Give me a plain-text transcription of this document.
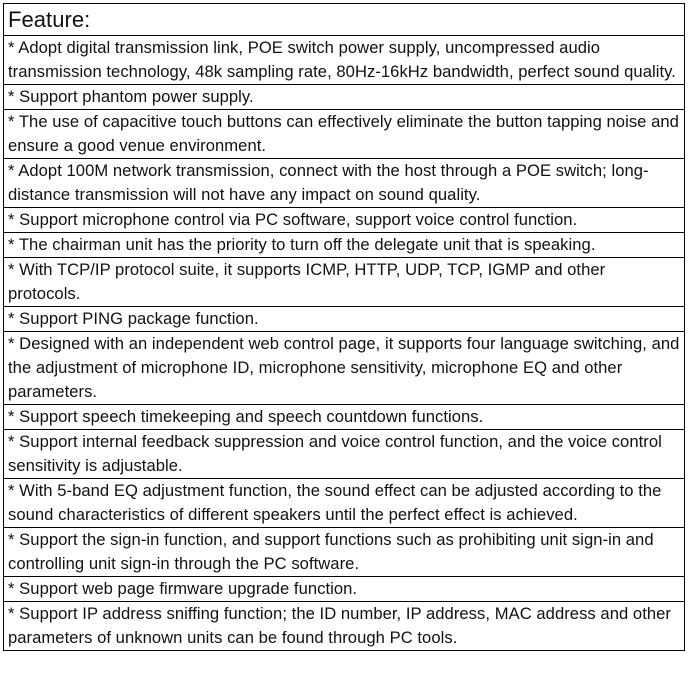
Feature:
* Adopt digital transmission link, POE switch power supply, uncompressed audio transmission technology, 48k sampling rate, 80Hz-16kHz bandwidth, perfect sound quality.
* Support phantom power supply.
* The use of capacitive touch buttons can effectively eliminate the button tapping noise and ensure a good venue environment.
* Adopt 100M network transmission, connect with the host through a POE switch; long-distance transmission will not have any impact on sound quality.
* Support microphone control via PC software, support voice control function.
* The chairman unit has the priority to turn off the delegate unit that is speaking.
* With TCP/IP protocol suite, it supports ICMP, HTTP, UDP, TCP, IGMP and other protocols.
* Support PING package function.
* Designed with an independent web control page, it supports four language switching, and the adjustment of microphone ID, microphone sensitivity, microphone EQ and other parameters.
* Support speech timekeeping and speech countdown functions.
* Support internal feedback suppression and voice control function, and the voice control sensitivity is adjustable.
* With 5-band EQ adjustment function, the sound effect can be adjusted according to the sound characteristics of different speakers until the perfect effect is achieved.
* Support the sign-in function, and support functions such as prohibiting unit sign-in and controlling unit sign-in through the PC software.
* Support web page firmware upgrade function.
* Support IP address sniffing function; the ID number, IP address, MAC address and other parameters of unknown units can be found through PC tools.
